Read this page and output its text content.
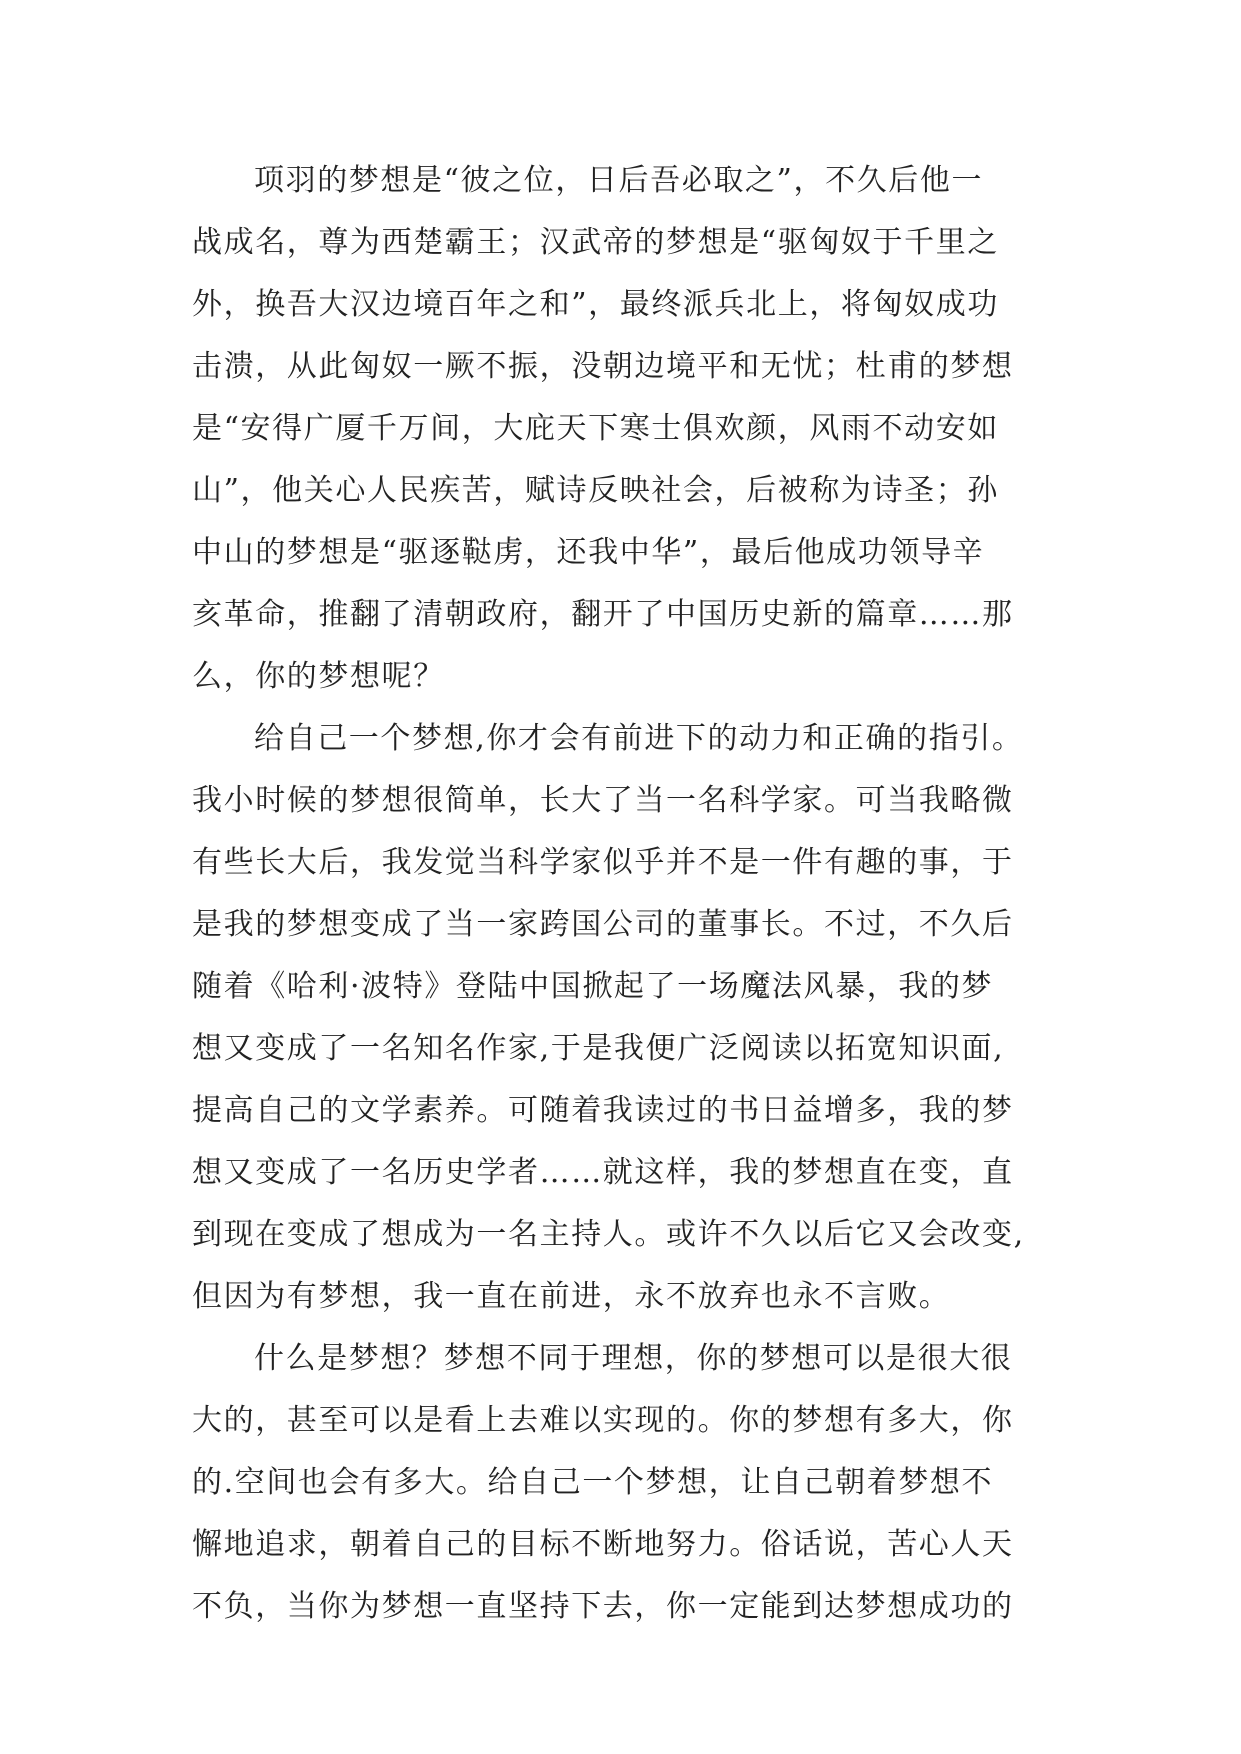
项羽的梦想是“彼之位，日后吾必取之”，不久后他一
战成名，尊为西楚霸王；汉武帝的梦想是“驱匈奴于千里之
外，换吾大汉边境百年之和”，最终派兵北上，将匈奴成功
击溃，从此匈奴一厥不振，没朝边境平和无忧；杜甫的梦想
是“安得广厦千万间，大庇天下寒士俱欢颜，风雨不动安如
山”，他关心人民疾苦，赋诗反映社会，后被称为诗圣；孙
中山的梦想是“驱逐鞑虏，还我中华”，最后他成功领导辛
亥革命，推翻了清朝政府，翻开了中国历史新的篇章……那
么，你的梦想呢？
给自己一个梦想,你才会有前进下的动力和正确的指引。
我小时候的梦想很简单，长大了当一名科学家。可当我略微
有些长大后，我发觉当科学家似乎并不是一件有趣的事，于
是我的梦想变成了当一家跨国公司的董事长。不过，不久后
随着《哈利·波特》登陆中国掀起了一场魔法风暴，我的梦
想又变成了一名知名作家,于是我便广泛阅读以拓宽知识面,
提高自己的文学素养。可随着我读过的书日益增多，我的梦
想又变成了一名历史学者……就这样，我的梦想直在变，直
到现在变成了想成为一名主持人。或许不久以后它又会改变,
但因为有梦想，我一直在前进，永不放弃也永不言败。
什么是梦想？梦想不同于理想，你的梦想可以是很大很
大的，甚至可以是看上去难以实现的。你的梦想有多大，你
的.空间也会有多大。给自己一个梦想，让自己朝着梦想不
懈地追求，朝着自己的目标不断地努力。俗话说，苦心人天
不负，当你为梦想一直坚持下去，你一定能到达梦想成功的
